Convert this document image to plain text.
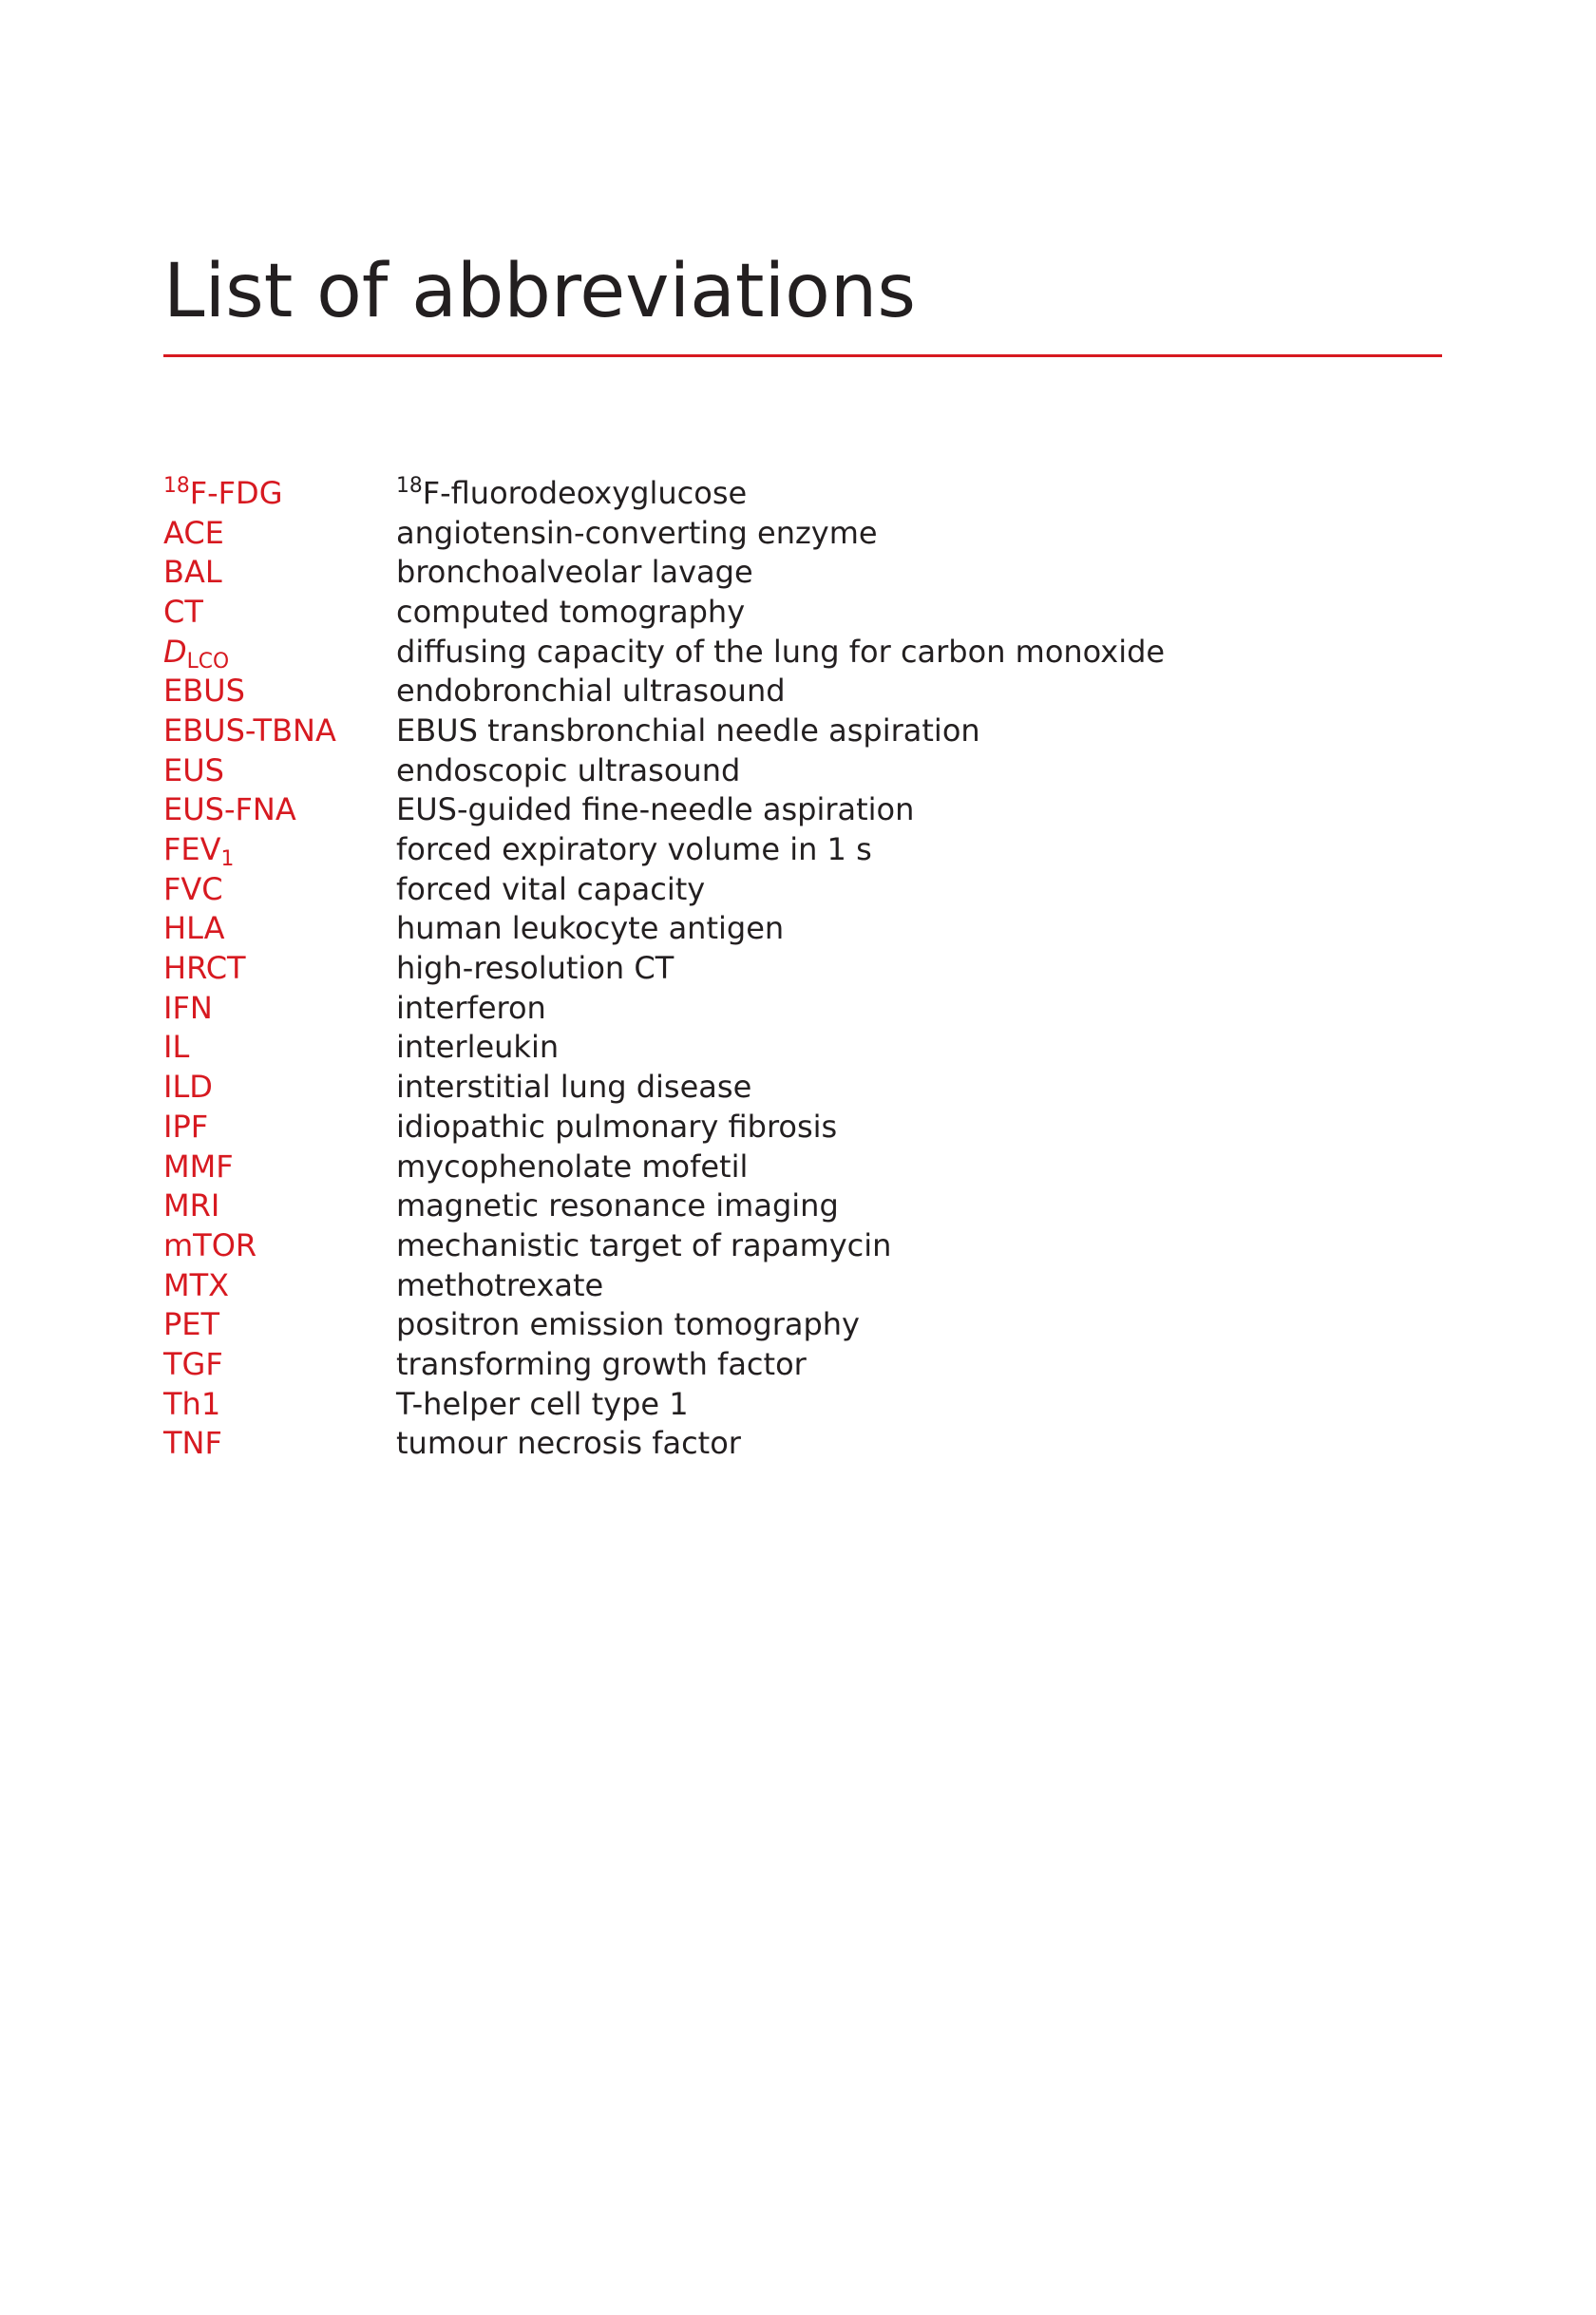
List of abbreviations
$^{18}$F-FDG	$^{18}$F-fluorodeoxyglucose
ACE	angiotensin-converting enzyme
BAL	bronchoalveolar lavage
CT	computed tomography
$D_{LCO}$	diffusing capacity of the lung for carbon monoxide
EBUS	endobronchial ultrasound
EBUS-TBNA	EBUS transbronchial needle aspiration
EUS	endoscopic ultrasound
EUS-FNA	EUS-guided fine-needle aspiration
$FEV_1$	forced expiratory volume in 1 s
FVC	forced vital capacity
HLA	human leukocyte antigen
HRCT	high-resolution CT
IFN	interferon
IL	interleukin
ILD	interstitial lung disease
IPF	idiopathic pulmonary fibrosis
MMF	mycophenolate mofetil
MRI	magnetic resonance imaging
mTOR	mechanistic target of rapamycin
MTX	methotrexate
PET	positron emission tomography
TGF	transforming growth factor
Th1	T-helper cell type 1
TNF	tumour necrosis factor
